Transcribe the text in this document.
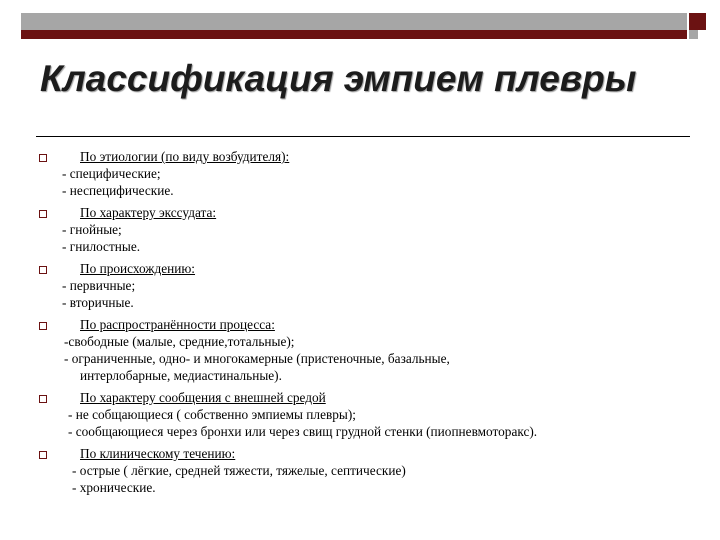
Классификация эмпием плевры
По этиологии (по виду возбудителя):
- специфические;
- неспецифические.
По характеру экссудата:
- гнойные;
- гнилостные.
По происхождению:
- первичные;
- вторичные.
По распространённости процесса:
-свободные (малые, средние,тотальные);
- ограниченные, одно- и многокамерные (пристеночные, базальные,
интерлобарные, медиастинальные).
По характеру сообщения с внешней средой
- не собщающиеся ( собственно эмпиемы плевры);
- сообщающиеся через бронхи или через свищ грудной стенки (пиопневмоторакс).
По клиническому течению:
- острые ( лёгкие, средней тяжести, тяжелые, септические)
- хронические.
